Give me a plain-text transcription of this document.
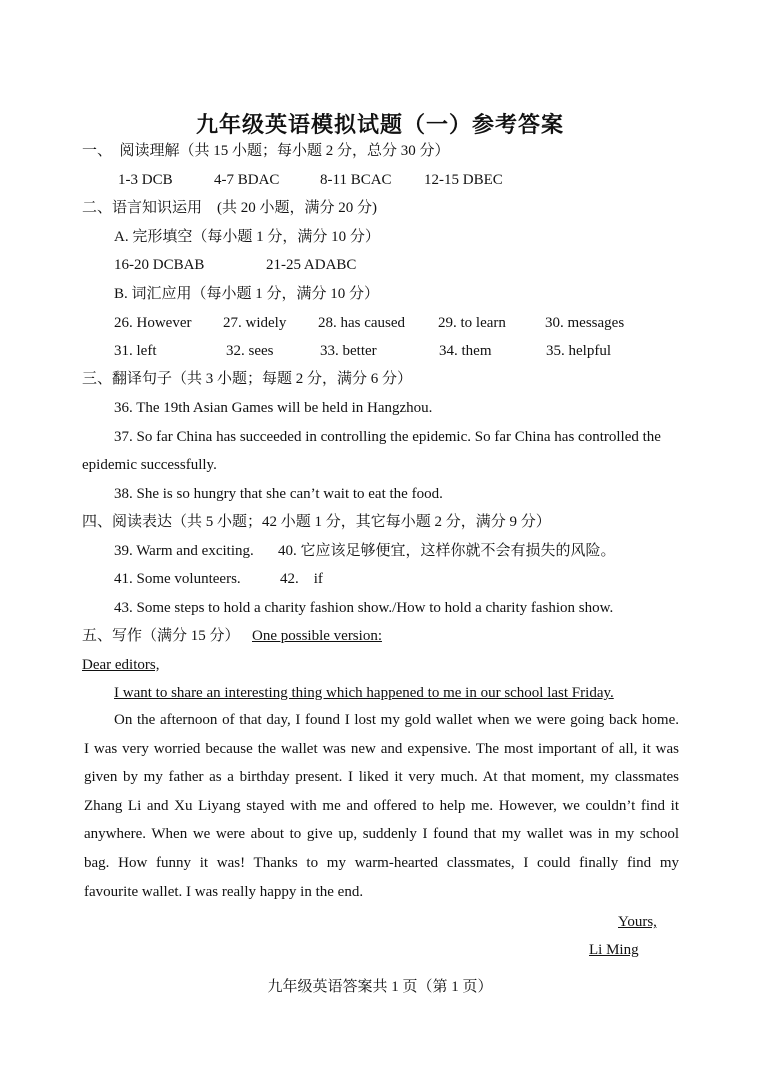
九年级英语模拟试题（一）参考答案
一、　阅读理解（共 15 小题；每小题 2 分，总分 30 分）
1-3 DCB	4-7 BDAC	8-11 BCAC 12-15 DBEC
二、语言知识运用　(共 20 小题，满分 20 分)
A. 完形填空（每小题 1 分，满分 10 分）
16-20 DCBAB	21-25 ADABC
B. 词汇应用（每小题 1 分，满分 10 分）
26. However 27. widely 28. has caused 29. to learn	30. messages
31. left	32. sees	33. better	34. them	35. helpful
三、翻译句子（共 3 小题；每题 2 分，满分 6 分）
36. The 19th Asian Games will be held in Hangzhou.
37. So far China has succeeded in controlling the epidemic. So far China has controlled the
epidemic successfully.
38. She is so hungry that she can’t wait to eat the food.
四、阅读表达（共 5 小题；42 小题 1 分，其它每小题 2 分，满分 9 分）
39. Warm and exciting. 40. 它应该足够便宜，这样你就不会有损失的风险。
41. Some volunteers.	42.　if
43. Some steps to hold a charity fashion show./How to hold a charity fashion show.
五、写作（满分 15 分） One possible version:
Dear editors,
I want to share an interesting thing which happened to me in our school last Friday.
On the afternoon of that day, I found I lost my gold wallet when we were going back home.
I was very worried because the wallet was new and expensive. The most important of all, it was
given by my father as a birthday present. I liked it very much. At that moment, my classmates
Zhang Li and Xu Liyang stayed with me and offered to help me. However, we couldn’t find it
anywhere. When we were about to give up, suddenly I found that my wallet was in my school
bag. How funny it was! Thanks to my warm-hearted classmates, I could finally find my
favourite wallet. I was really happy in the end.
Yours,
Li Ming
九年级英语答案共 1 页（第 1 页）
